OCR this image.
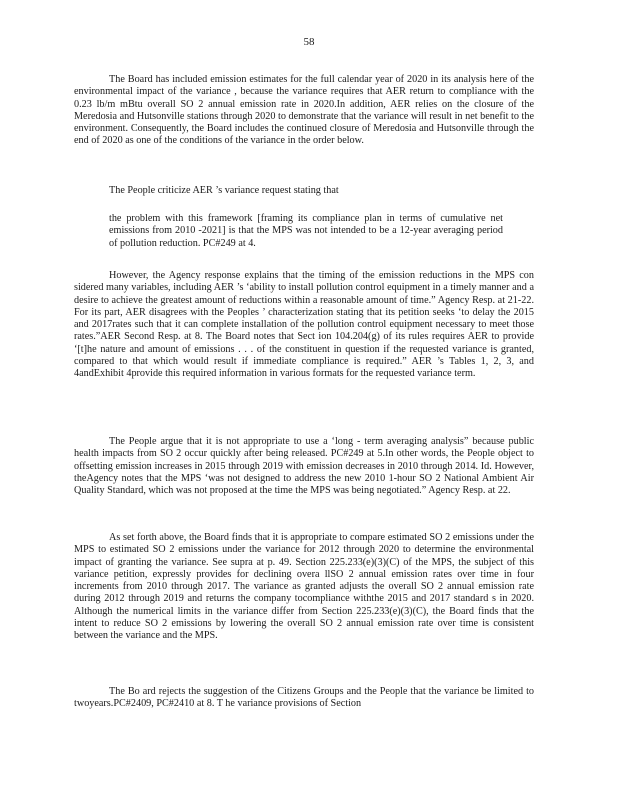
58

The Board has included emission estimates for the full calendar year of 2020 in its analysis here of the environmental impact of the variance , because the variance requires that AER return to compliance with the 0.23 lb/m mBtu overall SO 2 annual emission rate in 2020.In addition, AER relies on the closure of the Meredosia and Hutsonville stations through 2020 to demonstrate that the variance will result in net benefit to the environment. Consequently, the Board includes the continued closure of Meredosia and Hutsonville through the end of 2020 as one of the conditions of the variance in the order below.

The People criticize AER ’s variance request stating that

the problem with this framework [framing its compliance plan in terms of cumulative net emissions from 2010 -2021] is that the MPS was not intended to be a 12-year averaging period of pollution reduction. PC#249 at 4.

However, the Agency response explains that the timing of the emission reductions in the MPS con sidered many variables, including AER ’s ‘ability to install pollution control equipment in a timely manner and a desire to achieve the greatest amount of reductions within a reasonable amount of time.” Agency Resp. at 21-22. For its part, AER disagrees with the Peoples ’ characterization stating that its petition seeks ‘to delay the 2015 and 2017rates such that it can complete installation of the pollution control equipment necessary to meet those rates.”AER Second Resp. at 8. The Board notes that Sect ion 104.204(g) of its rules requires AER to provide ‘[t]he nature and amount of emissions . . . of the constituent in question if the requested variance is granted, compared to that which would result if immediate compliance is required.” AER ’s Tables 1, 2, 3, and 4andExhibit 4provide this required information in various formats for the requested variance term.

The People argue that it is not appropriate to use a ‘long - term averaging analysis” because public health impacts from SO 2 occur quickly after being released. PC#249 at 5.In other words, the People object to offsetting emission increases in 2015 through 2019 with emission decreases in 2010 through 2014. Id. However, theAgency notes that the MPS ‘was not designed to address the new 2010 1-hour SO 2 National Ambient Air Quality Standard, which was not proposed at the time the MPS was being negotiated.” Agency Resp. at 22.

As set forth above, the Board finds that it is appropriate to compare estimated SO 2 emissions under the MPS to estimated SO 2 emissions under the variance for 2012 through 2020 to determine the environmental impact of granting the variance. See supra at p. 49. Section 225.233(e)(3)(C) of the MPS, the subject of this variance petition, expressly provides for declining overa llSO 2 annual emission rates over time in four increments from 2010 through 2017. The variance as granted adjusts the overall SO 2 annual emission rate during 2012 through 2019 and returns the company tocompliance withthe 2015 and 2017 standard s in 2020. Although the numerical limits in the variance differ from Section 225.233(e)(3)(C), the Board finds that the intent to reduce SO 2 emissions by lowering the overall SO 2 annual emission rate over time is consistent between the variance and the MPS.

The Bo ard rejects the suggestion of the Citizens Groups and the People that the variance be limited to twoyears.PC#2409, PC#2410 at 8. T he variance provisions of Section
